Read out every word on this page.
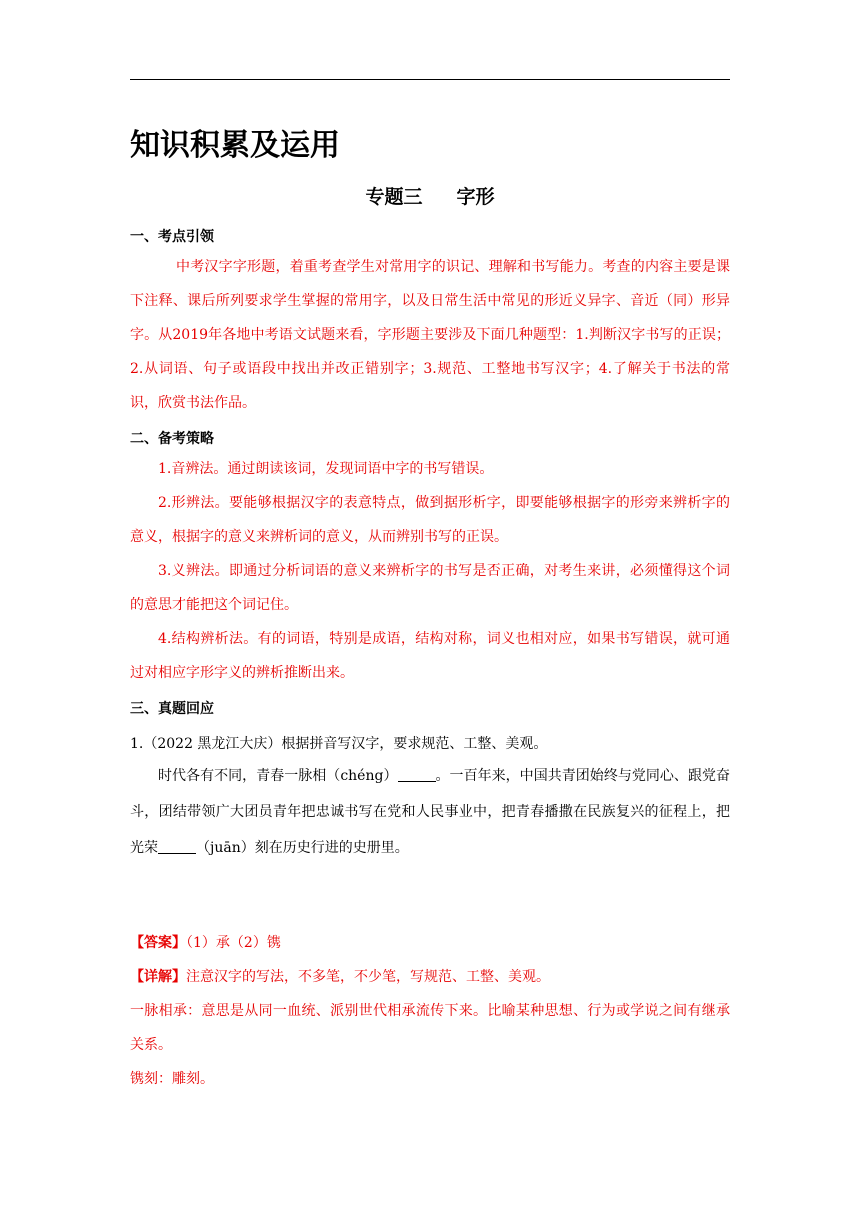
知识积累及运用
专题三 字形

一、考点引领

中考汉字字形题，着重考查学生对常用字的识记、理解和书写能力。考查的内容主要是课下注释、课后所列要求学生掌握的常用字，以及日常生活中常见的形近义异字、音近（同）形异字。从2019年各地中考语文试题来看，字形题主要涉及下面几种题型：1.判断汉字书写的正误；2.从词语、句子或语段中找出并改正错别字；3.规范、工整地书写汉字；4.了解关于书法的常识，欣赏书法作品。

二、备考策略

1.音辨法。通过朗读该词，发现词语中字的书写错误。

2.形辨法。要能够根据汉字的表意特点，做到据形析字，即要能够根据字的形旁来辨析字的意义，根据字的意义来辨析词的意义，从而辨别书写的正误。

3.义辨法。即通过分析词语的意义来辨析字的书写是否正确，对考生来讲，必须懂得这个词的意思才能把这个词记住。

4.结构辨析法。有的词语，特别是成语，结构对称，词义也相对应，如果书写错误，就可通过对相应字形字义的辨析推断出来。

三、真题回应

1.（2022 黑龙江大庆）根据拼音写汉字，要求规范、工整、美观。

时代各有不同，青春一脉相（chéng）	。一百年来，中国共青团始终与党同心、跟党奋斗，团结带领广大团员青年把忠诚书写在党和人民事业中，把青春播撒在民族复兴的征程上，把光荣	（juān）刻在历史行进的史册里。

【答案】（1）承（2）镌

【详解】注意汉字的写法，不多笔，不少笔，写规范、工整、美观。

一脉相承：意思是从同一血统、派别世代相承流传下来。比喻某种思想、行为或学说之间有继承关系。

镌刻：雕刻。
